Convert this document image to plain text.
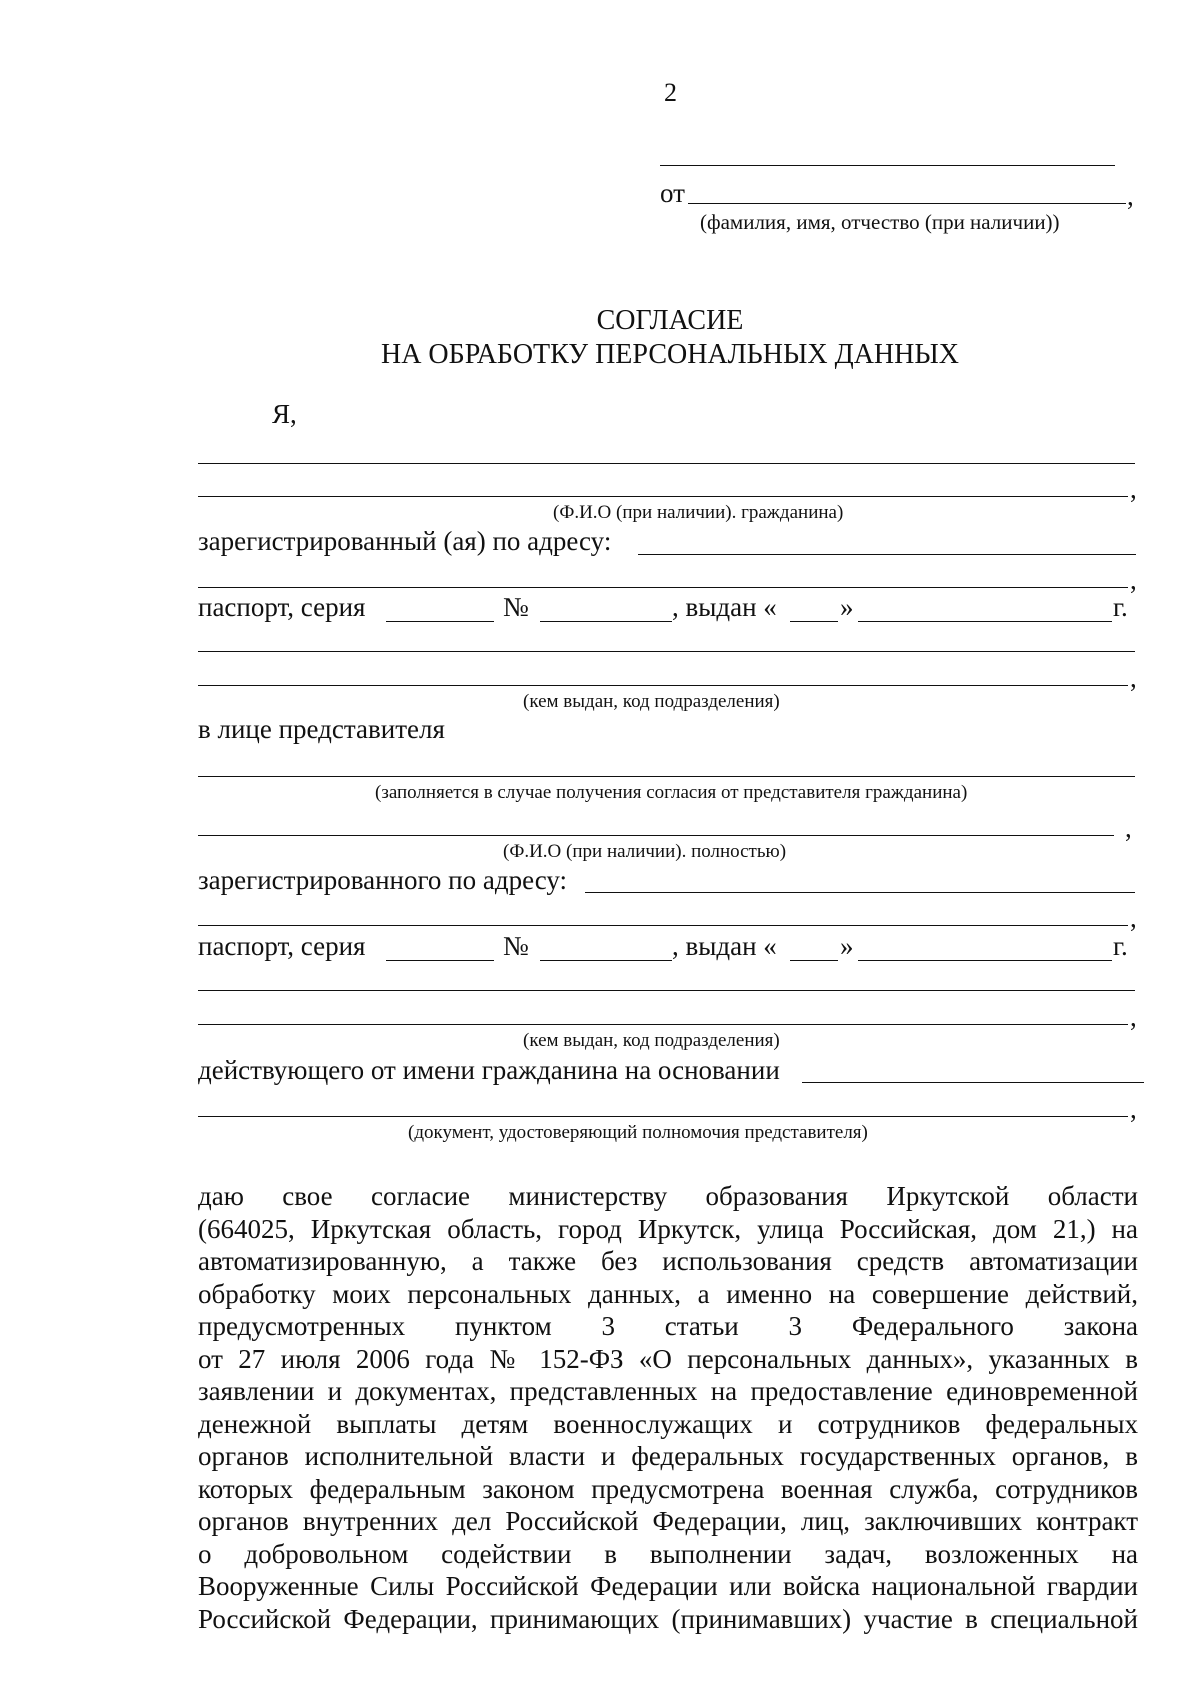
2
от	,
(фамилия, имя, отчество (при наличии))
СОГЛАСИЕ
НА ОБРАБОТКУ ПЕРСОНАЛЬНЫХ ДАННЫХ
Я,
,
(Ф.И.О (при наличии). гражданина)
зарегистрированный (ая) по адресу:
,
паспорт, серия	№	, выдан « »	г.
,
(кем выдан, код подразделения)
в лице представителя
(заполняется в случае получения согласия от представителя гражданина)
,
(Ф.И.О (при наличии). полностью)
зарегистрированного по адресу:
,
паспорт, серия	№	, выдан « »	г.
,
(кем выдан, код подразделения)
действующего от имени гражданина на основании
,
(документ, удостоверяющий полномочия представителя)
даю свое согласие министерству образования Иркутской области
(664025, Иркутская область, город Иркутск, улица Российская, дом 21,) на
автоматизированную, а также без использования средств автоматизации
обработку моих персональных данных, а именно на совершение действий,
предусмотренных пунктом 3 статьи 3 Федерального закона
от 27 июля 2006 года № 152-ФЗ «О персональных данных», указанных в
заявлении и документах, представленных на предоставление единовременной
денежной выплаты детям военнослужащих и сотрудников федеральных
органов исполнительной власти и федеральных государственных органов, в
которых федеральным законом предусмотрена военная служба, сотрудников
органов внутренних дел Российской Федерации, лиц, заключивших контракт
о добровольном содействии в выполнении задач, возложенных на
Вооруженные Силы Российской Федерации или войска национальной гвардии
Российской Федерации, принимающих (принимавших) участие в специальной
